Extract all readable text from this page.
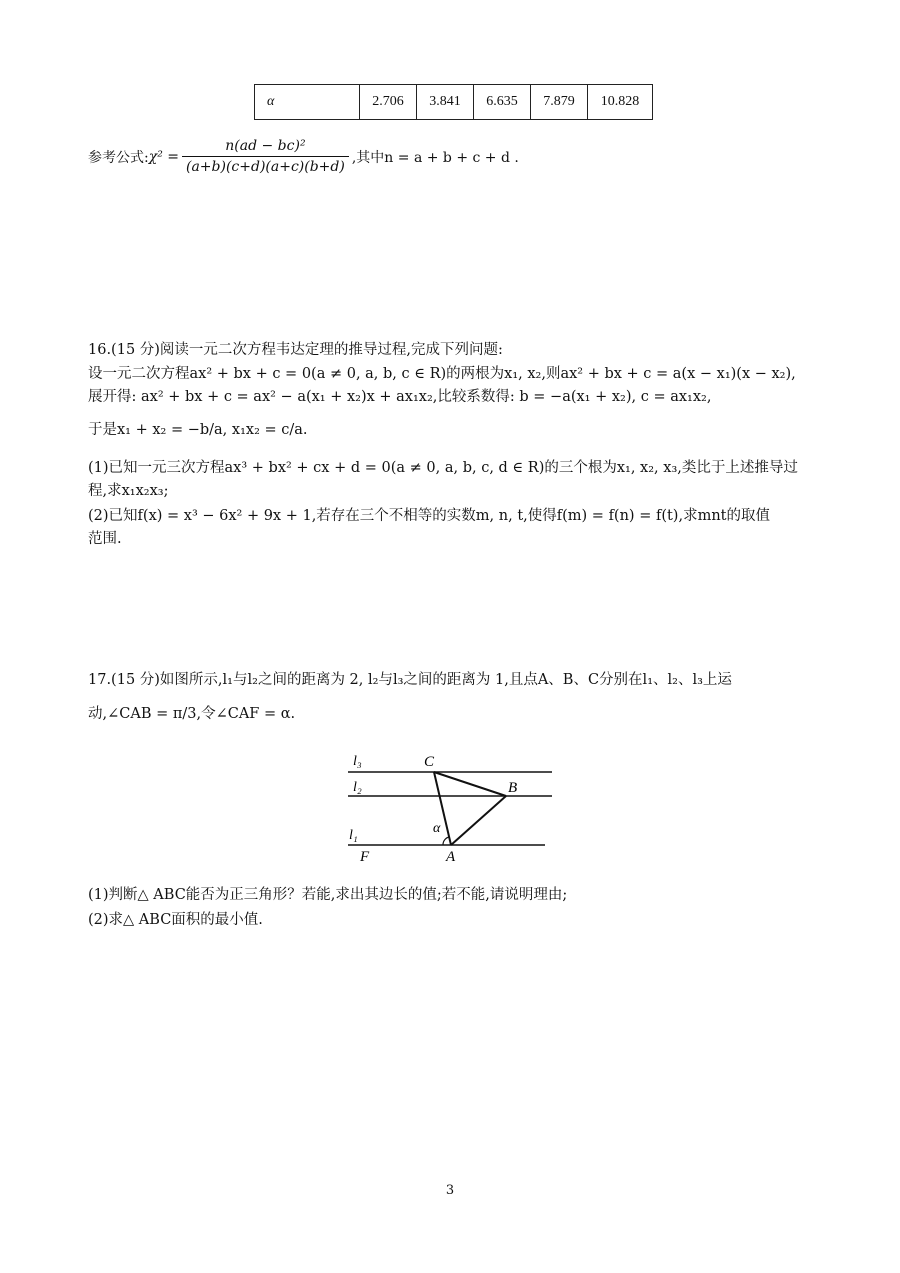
α	2.706	3.841	6.635	7.879	10.828
参考公式: $\chi^2 = \frac{\text{n(ad − bc)²}}{(a+b)(c+d)(a+c)(b+d)}$ ,其中n = a + b + c + d .
16.(15 分)阅读一元二次方程韦达定理的推导过程,完成下列问题:
设一元二次方程ax² + bx + c = 0(a ≠ 0, a, b, c ∈ R)的两根为x₁, x₂,则ax² + bx + c = a(x − x₁)(x − x₂),
展开得: ax² + bx + c = ax² − a(x₁ + x₂)x + ax₁x₂,比较系数得: b = −a(x₁ + x₂), c = ax₁x₂,
于是x₁ + x₂ = −b/a, x₁x₂ = c/a.
(1)已知一元三次方程ax³ + bx² + cx + d = 0(a ≠ 0, a, b, c, d ∈ R)的三个根为x₁, x₂, x₃,类比于上述推导过
程,求x₁x₂x₃;
(2)已知f(x) = x³ − 6x² + 9x + 1,若存在三个不相等的实数m, n, t,使得f(m) = f(n) = f(t),求mnt的取值
范围.
17.(15 分)如图所示,l₁与l₂之间的距离为 2, l₂与l₃之间的距离为 1,且点A、B、C分别在l₁、l₂、l₃上运
动,∠CAB = π/3,令∠CAF = α.
l₃
l₂
l₁
C
B
A
F
α
(1)判断△ ABC能否为正三角形？若能,求出其边长的值;若不能,请说明理由;
(2)求△ ABC面积的最小值.
3
